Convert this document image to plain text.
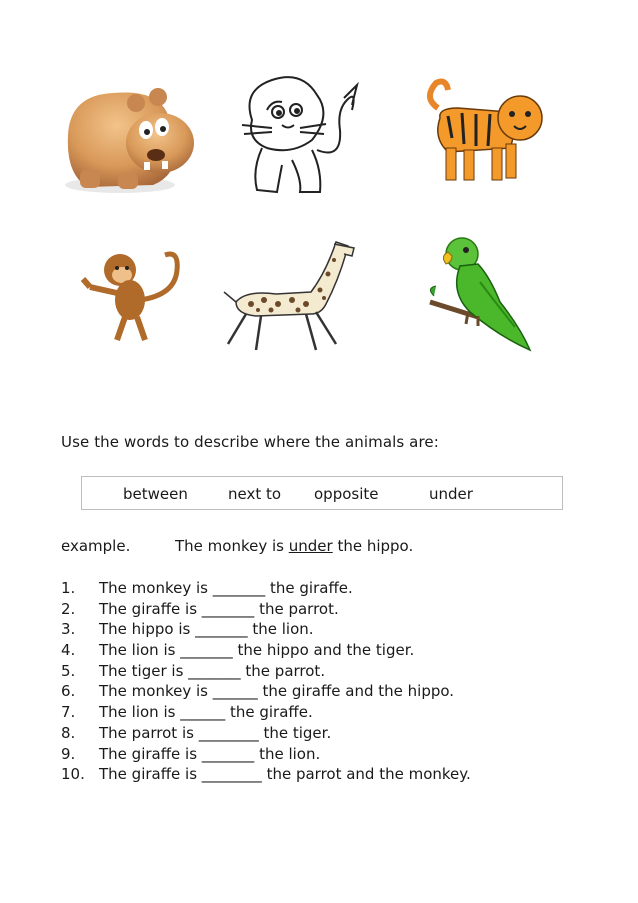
Use the words to describe where the animals are:
between	next to opposite	under
example.	The monkey is under the hippo.
1. The monkey is _______ the giraffe.
2. The giraffe is _______ the parrot.
3. The hippo is _______ the lion.
4. The lion is _______ the hippo and the tiger.
5. The tiger is _______ the parrot.
6. The monkey is ______ the giraffe and the hippo.
7. The lion is ______ the giraffe.
8. The parrot is ________ the tiger.
9. The giraffe is _______ the lion.
10. The giraffe is ________ the parrot and the monkey.
